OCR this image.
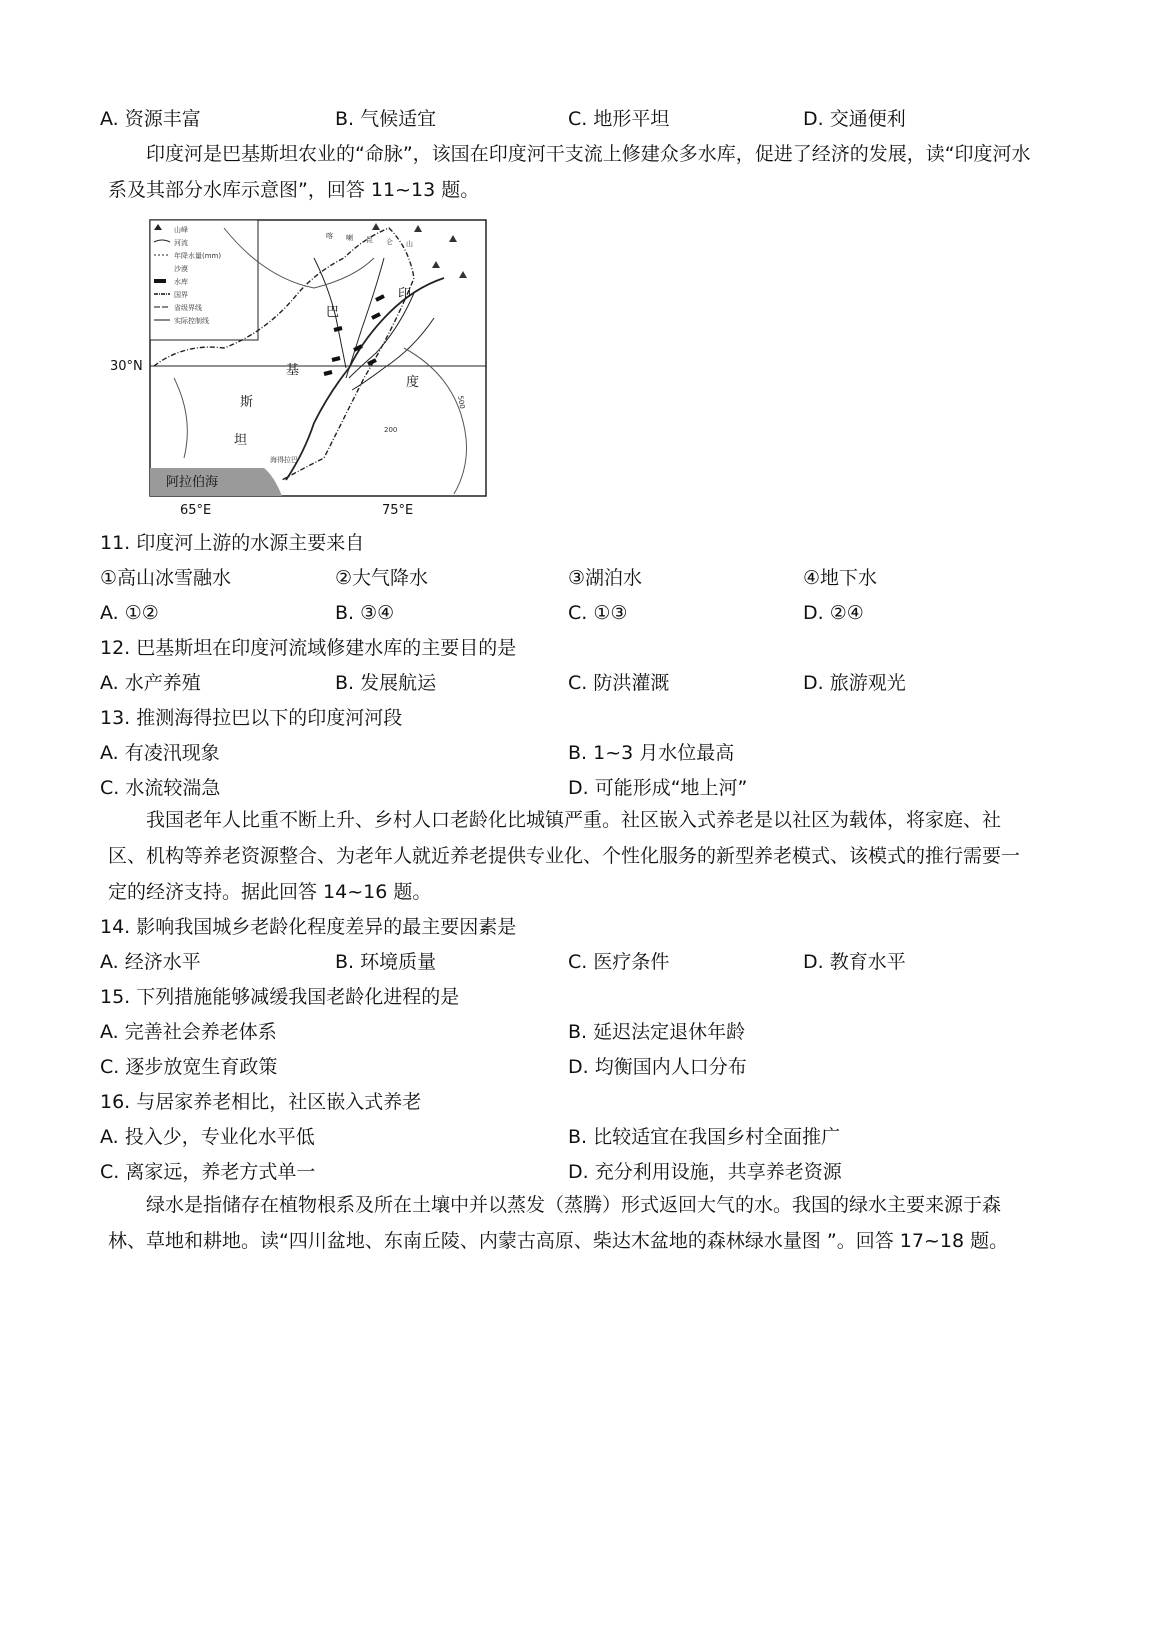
A. 资源丰富	B. 气候适宜	C. 地形平坦	D. 交通便利
印度河是巴基斯坦农业的“命脉”，该国在印度河干支流上修建众多水库，促进了经济的发展，读“印度河水系及其部分水库示意图”，回答 11~13 题。
山峰
河流
年降水量(mm)
沙漠
水库
国界
省级界线
实际控制线
30°N
65°E	75°E
阿拉伯海
海得拉巴
500
200
巴
基
斯
坦
印
度
喀 喇 昆 仑 山
11. 印度河上游的水源主要来自
①高山冰雪融水	②大气降水	③湖泊水	④地下水
A. ①②	B. ③④	C. ①③	D. ②④
12. 巴基斯坦在印度河流域修建水库的主要目的是
A. 水产养殖	B. 发展航运	C. 防洪灌溉	D. 旅游观光
13. 推测海得拉巴以下的印度河河段
A. 有凌汛现象	B. 1~3 月水位最高
C. 水流较湍急	D. 可能形成“地上河”
我国老年人比重不断上升、乡村人口老龄化比城镇严重。社区嵌入式养老是以社区为载体，将家庭、社区、机构等养老资源整合、为老年人就近养老提供专业化、个性化服务的新型养老模式、该模式的推行需要一定的经济支持。据此回答 14~16 题。
14. 影响我国城乡老龄化程度差异的最主要因素是
A. 经济水平	B. 环境质量	C. 医疗条件	D. 教育水平
15. 下列措施能够减缓我国老龄化进程的是
A. 完善社会养老体系	B. 延迟法定退休年龄
C. 逐步放宽生育政策	D. 均衡国内人口分布
16. 与居家养老相比，社区嵌入式养老
A. 投入少，专业化水平低	B. 比较适宜在我国乡村全面推广
C. 离家远，养老方式单一	D. 充分利用设施，共享养老资源
绿水是指储存在植物根系及所在土壤中并以蒸发（蒸腾）形式返回大气的水。我国的绿水主要来源于森林、草地和耕地。读“四川盆地、东南丘陵、内蒙古高原、柴达木盆地的森林绿水量图 ”。回答 17~18 题。
